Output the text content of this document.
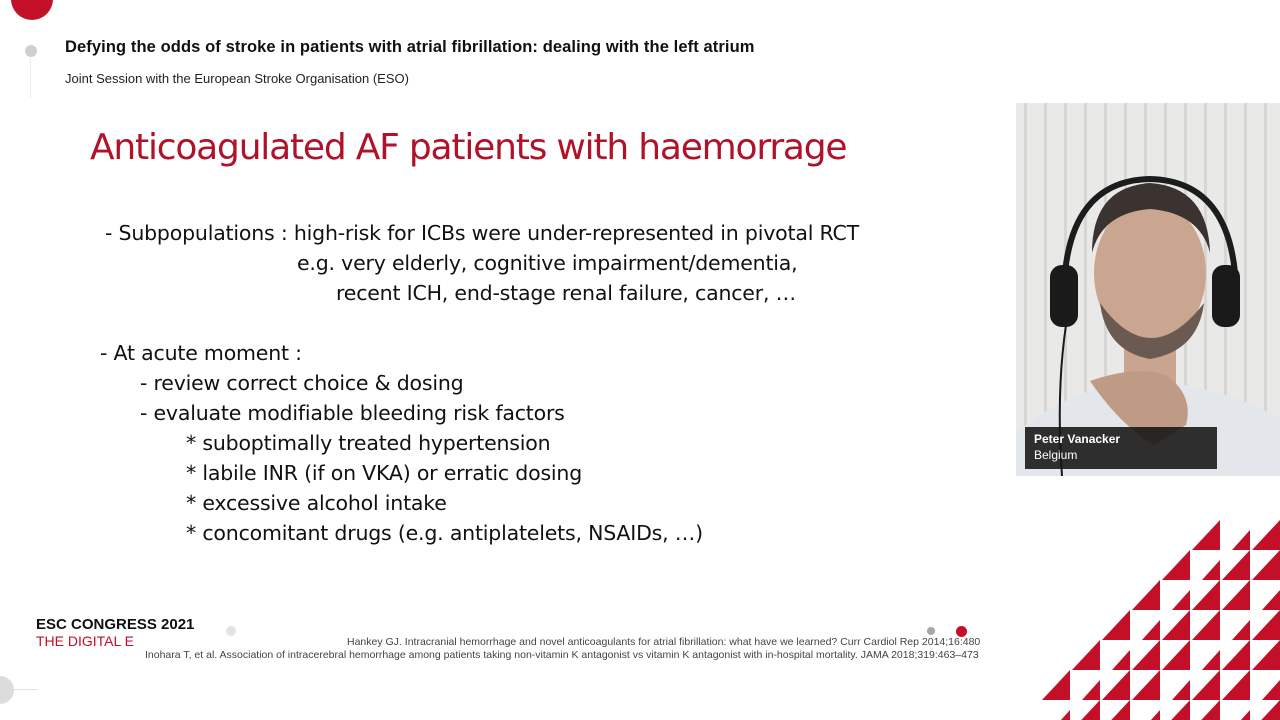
Defying the odds of stroke in patients with atrial fibrillation: dealing with the left atrium
Joint Session with the European Stroke Organisation (ESO)
Anticoagulated AF patients with haemorrage
- Subpopulations : high-risk for ICBs were under-represented in pivotal RCT
e.g. very elderly, cognitive impairment/dementia,
recent ICH, end-stage renal failure, cancer, …
- At acute moment :
- review correct choice & dosing
- evaluate modifiable bleeding risk factors
* suboptimally treated hypertension
* labile INR (if on VKA) or erratic dosing
* excessive alcohol intake
* concomitant drugs (e.g. antiplatelets, NSAIDs, …)
Peter Vanacker
Belgium
ESC CONGRESS 2021
THE DIGITAL E	Hankey GJ. Intracranial hemorrhage and novel anticoagulants for atrial fibrillation: what have we learned? Curr Cardiol Rep 2014;16:480
Inohara T, et al. Association of intracerebral hemorrhage among patients taking non-vitamin K antagonist vs vitamin K antagonist with in-hospital mortality. JAMA 2018;319:463–473
